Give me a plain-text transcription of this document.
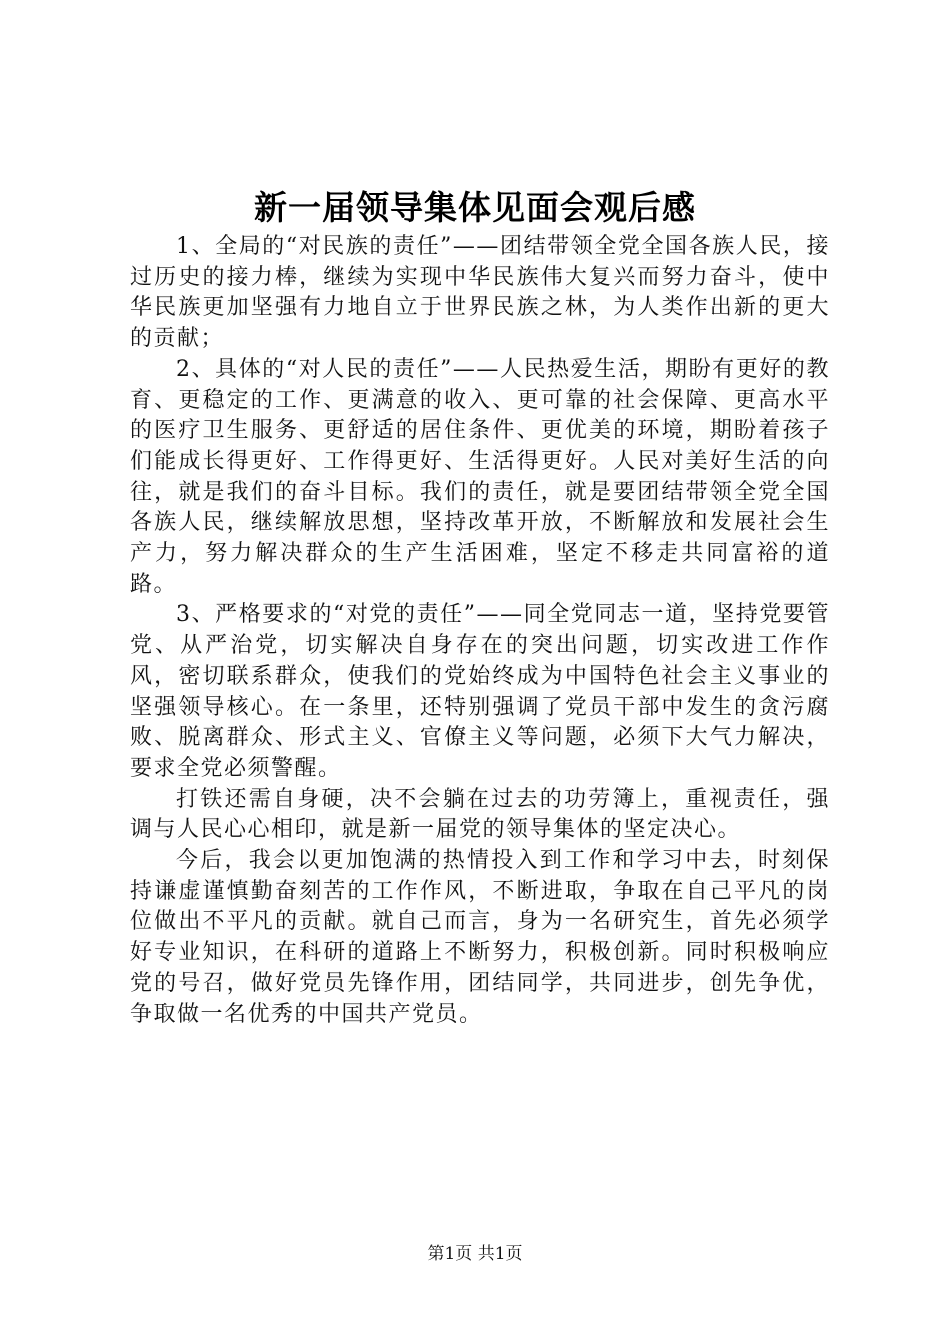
新一届领导集体见面会观后感

1、全局的“对民族的责任”——团结带领全党全国各族人民，接过历史的接力棒，继续为实现中华民族伟大复兴而努力奋斗，使中华民族更加坚强有力地自立于世界民族之林，为人类作出新的更大的贡献；

2、具体的“对人民的责任”——人民热爱生活，期盼有更好的教育、更稳定的工作、更满意的收入、更可靠的社会保障、更高水平的医疗卫生服务、更舒适的居住条件、更优美的环境，期盼着孩子们能成长得更好、工作得更好、生活得更好。人民对美好生活的向往，就是我们的奋斗目标。我们的责任，就是要团结带领全党全国各族人民，继续解放思想，坚持改革开放，不断解放和发展社会生产力，努力解决群众的生产生活困难，坚定不移走共同富裕的道路。

3、严格要求的“对党的责任”——同全党同志一道，坚持党要管党、从严治党，切实解决自身存在的突出问题，切实改进工作作风，密切联系群众，使我们的党始终成为中国特色社会主义事业的坚强领导核心。在一条里，还特别强调了党员干部中发生的贪污腐败、脱离群众、形式主义、官僚主义等问题，必须下大气力解决，要求全党必须警醒。

打铁还需自身硬，决不会躺在过去的功劳簿上，重视责任，强调与人民心心相印，就是新一届党的领导集体的坚定决心。

今后，我会以更加饱满的热情投入到工作和学习中去，时刻保持谦虚谨慎勤奋刻苦的工作作风，不断进取，争取在自己平凡的岗位做出不平凡的贡献。就自己而言，身为一名研究生，首先必须学好专业知识，在科研的道路上不断努力，积极创新。同时积极响应党的号召，做好党员先锋作用，团结同学，共同进步，创先争优，争取做一名优秀的中国共产党员。

第1页 共1页
